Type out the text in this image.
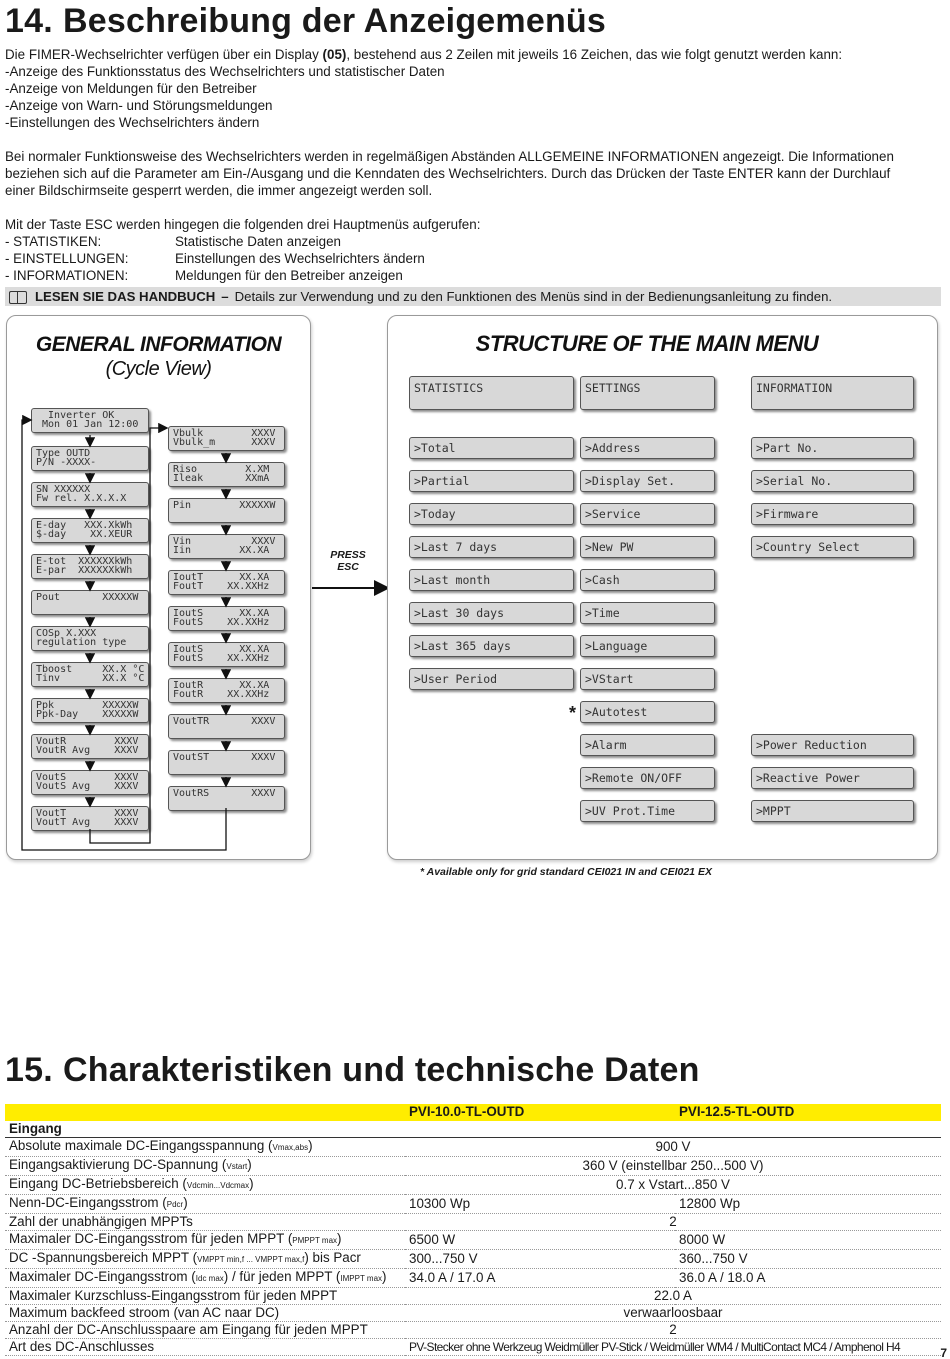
14. Beschreibung der Anzeigemenüs

Die FIMER-Wechselrichter verfügen über ein Display (05), bestehend aus 2 Zeilen mit jeweils 16 Zeichen, das wie folgt genutzt werden kann:

-Anzeige des Funktionsstatus des Wechselrichters und statistischer Daten
-Anzeige von Meldungen für den Betreiber
-Anzeige von Warn- und Störungsmeldungen
-Einstellungen des Wechselrichters ändern
Bei normaler Funktionsweise des Wechselrichters werden in regelmäßigen Abständen ALLGEMEINE INFORMATIONEN angezeigt. Die Informationen
beziehen sich auf die Parameter am Ein-/Ausgang und die Kenndaten des Wechselrichters. Durch das Drücken der Taste ENTER kann der Durchlauf
einer Bildschirmseite gesperrt werden, die immer angezeigt werden soll.

Mit der Taste ESC werden hingegen die folgenden drei Hauptmenüs aufgerufen:

- STATISTIKEN:	Statistische Daten anzeigen
- EINSTELLUNGEN:	Einstellungen des Wechselrichters ändern
- INFORMATIONEN:	Meldungen für den Betreiber anzeigen
LESEN SIE DAS HANDBUCH – Details zur Verwendung und zu den Funktionen des Menüs sind in der Bedienungsanleitung zu finden.
GENERAL INFORMATION
(Cycle View)
Inverter OK
Mon 01 Jan 12:00
Type OUTD
P/N -XXXX-
SN XXXXXX
Fw rel. X.X.X.X
E-day   XXX.XkWh
$-day    XX.XEUR
E-tot  XXXXXXkWh
E-par  XXXXXXkWh
Pout       XXXXXW
COSp X.XXX
regulation type
Tboost     XX.X °C
Tinv       XX.X °C
Ppk        XXXXXW
Ppk-Day    XXXXXW
VoutR        XXXV
VoutR Avg    XXXV
VoutS        XXXV
VoutS Avg    XXXV
VoutT        XXXV
VoutT Avg    XXXV
Vbulk        XXXV
Vbulk_m      XXXV
Riso        X.XM
Ileak       XXmA
Pin        XXXXXW
Vin          XXXV
Iin        XX.XA
IoutT      XX.XA
FoutT    XX.XXHz
IoutS      XX.XA
FoutS    XX.XXHz
IoutS      XX.XA
FoutS    XX.XXHz
IoutR      XX.XA
FoutR    XX.XXHz
VoutTR       XXXV
VoutST       XXXV
VoutRS       XXXV
PRESS
ESC
STRUCTURE OF THE MAIN MENU
STATISTICS	SETTINGS	INFORMATION
>Total
>Partial
>Today
>Last 7 days
>Last month
>Last 30 days
>Last 365 days
>User Period
>Address
>Display Set.
>Service
>New PW
>Cash
>Time
>Language
>VStart
>Autotest
>Alarm
>Remote ON/OFF
>UV Prot.Time
>Part No.
>Serial No.
>Firmware
>Country Select
>Power Reduction
>Reactive Power
>MPPT
*
* Available only for grid standard CEI021 IN and CEI021 EX
15. Charakteristiken und technische Daten
	PVI-10.0-TL-OUTD	PVI-12.5-TL-OUTD
Eingang		
Absolute maximale DC-Eingangsspannung (Vmax,abs)	900 V	
Eingangsaktivierung DC-Spannung (Vstart)	360 V (einstellbar 250...500 V)	
Eingang DC-Betriebsbereich (Vdcmin...Vdcmax)	0.7 x Vstart...850 V	
Nenn-DC-Eingangsstrom (Pdcr)	10300 Wp	12800 Wp
Zahl der unabhängigen MPPTs	2	
Maximaler DC-Eingangsstrom für jeden MPPT (PMPPT max)	6500 W	8000 W
DC -Spannungsbereich MPPT (VMPPT min,f ... VMPPT max,f) bis Pacr	300...750 V	360...750 V
Maximaler DC-Eingangsstrom (Idc max) / für jeden MPPT (IMPPT max)	34.0 A / 17.0 A	36.0 A / 18.0 A
Maximaler Kurzschluss-Eingangsstrom für jeden MPPT	22.0 A	
Maximum backfeed stroom (van AC naar DC)	verwaarloosbaar	
Anzahl der DC-Anschlusspaare am Eingang für jeden MPPT	2	
Art des DC-Anschlusses	PV-Stecker ohne Werkzeug Weidmüller PV-Stick / Weidmüller WM4 / MultiContact MC4 / Amphenol H4		7
